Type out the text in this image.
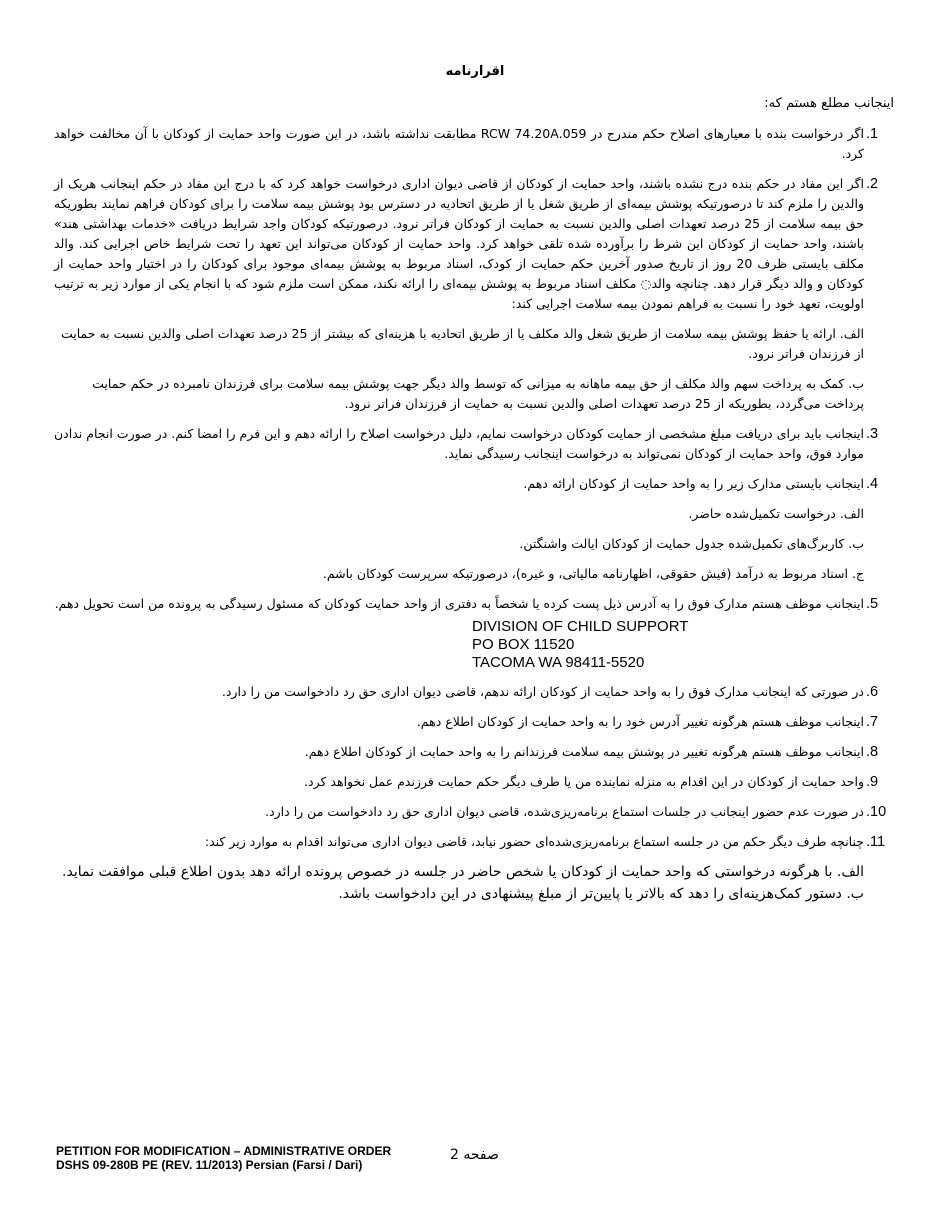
اقرارنامه
اینجانب مطلع هستم که:
.1
اگر درخواست بنده با معیارهای اصلاح حکم مندرج در RCW 74.20A.059 مطابقت نداشته باشد، در این صورت واحد حمایت از کودکان با آن مخالفت خواهد کرد.
.2
اگر این مفاد در حکم بنده درج نشده باشند، واحد حمایت از کودکان از قاضی دیوان اداری درخواست خواهد کرد که با درج این مفاد در حکم اینجانب هریک از والدین را ملزم کند تا درصورتیکه پوشش بیمه‌ای از طریق شغل یا از طریق اتحادیه در دسترس بود پوشش بیمه سلامت را برای کودکان فراهم نمایند بطوریکه حق بیمه سلامت از 25 درصد تعهدات اصلی والدین نسبت به حمایت از کودکان فراتر نرود. درصورتیکه کودکان واجد شرایط دریافت «خدمات بهداشتی هند» باشند، واحد حمایت از کودکان این شرط را برآورده شده تلقی خواهد کرد. واحد حمایت از کودکان می‌تواند این تعهد را تحت شرایط خاص اجرایی کند. والد مکلف بایستی ظرف 20 روز از تاریخ صدور آخرین حکم حمایت از کودک، اسناد مربوط به پوشش بیمه‌ای موجود برای کودکان را در اختیار واحد حمایت از کودکان و والد دیگر قرار دهد. چنانچه والد◌ مکلف اسناد مربوط به پوشش بیمه‌ای را ارائه نکند، ممکن است ملزم شود که با انجام یکی از موارد زیر به ترتیب اولویت، تعهد خود را نسبت به فراهم نمودن بیمه سلامت اجرایی کند:
الف. ارائه یا حفظ پوشش بیمه سلامت از طریق شغل والد مکلف یا از طریق اتحادیه با هزینه‌ای که بیشتر از 25 درصد تعهدات اصلی والدین نسبت به حمایت از فرزندان فراتر نرود.
ب. کمک به پرداخت سهم والد مکلف از حق بیمه ماهانه به میزانی که توسط والد دیگر جهت پوشش بیمه سلامت برای فرزندان نامبرده در حکم حمایت پرداخت می‌گردد، بطوریکه از 25 درصد تعهدات اصلی والدین نسبت به حمایت از فرزندان فراتر نرود.
.3
اینجانب باید برای دریافت مبلغ مشخصی از حمایت کودکان درخواست نمایم، دلیل درخواست اصلاح را ارائه دهم و این فرم را امضا کنم. در صورت انجام ندادن موارد فوق، واحد حمایت از کودکان نمی‌تواند به درخواست اینجانب رسیدگی نماید.
.4
اینجانب بایستی مدارک زیر را به واحد حمایت از کودکان ارائه دهم.
الف. درخواست تکمیل‌شده حاضر.
ب. کاربرگ‌های تکمیل‌شده جدول حمایت از کودکان ایالت واشنگتن.
ج. اسناد مربوط به درآمد (فیش حقوقی، اظهارنامه مالیاتی، و غیره)، درصورتیکه سرپرست کودکان باشم.
.5
اینجانب موظف هستم مدارک فوق را به آدرس ذیل پست کرده یا شخصاً به دفتری از واحد حمایت کودکان که مسئول رسیدگی به پرونده من است تحویل دهم.
DIVISION OF CHILD SUPPORT
PO BOX 11520
TACOMA WA 98411-5520
.6
در صورتی که اینجانب مدارک فوق را به واحد حمایت از کودکان ارائه ندهم، قاضی دیوان اداری حق رد دادخواست من را دارد.
.7
اینجانب موظف هستم هرگونه تغییر آدرس خود را به واحد حمایت از کودکان اطلاع دهم.
.8
اینجانب موظف هستم هرگونه تغییر در پوشش بیمه سلامت فرزندانم را به واحد حمایت از کودکان اطلاع دهم.
.9
واحد حمایت از کودکان در این اقدام به منزله نماینده من یا طرف دیگر حکم حمایت فرزندم عمل نخواهد کرد.
.10
در صورت عدم حضور اینجانب در جلسات استماع برنامه‌ریزی‌شده، قاضی دیوان اداری حق رد دادخواست من را دارد.
.11
چنانچه طرف دیگر حکم من در جلسه استماع برنامه‌ریزی‌شده‌ای حضور نیابد، قاضی دیوان اداری می‌تواند اقدام به موارد زیر کند:
الف. با هرگونه درخواستی که واحد حمایت از کودکان یا شخص حاضر در جلسه در خصوص پرونده ارائه دهد بدون اطلاع قبلی موافقت نماید.
ب. دستور کمک‌هزینه‌ای را دهد که بالاتر یا پایین‌تر از مبلغ پیشنهادی در این دادخواست باشد.
PETITION FOR MODIFICATION – ADMINISTRATIVE ORDER
DSHS 09-280B PE (REV. 11/2013) Persian (Farsi / Dari)
صفحه 2
